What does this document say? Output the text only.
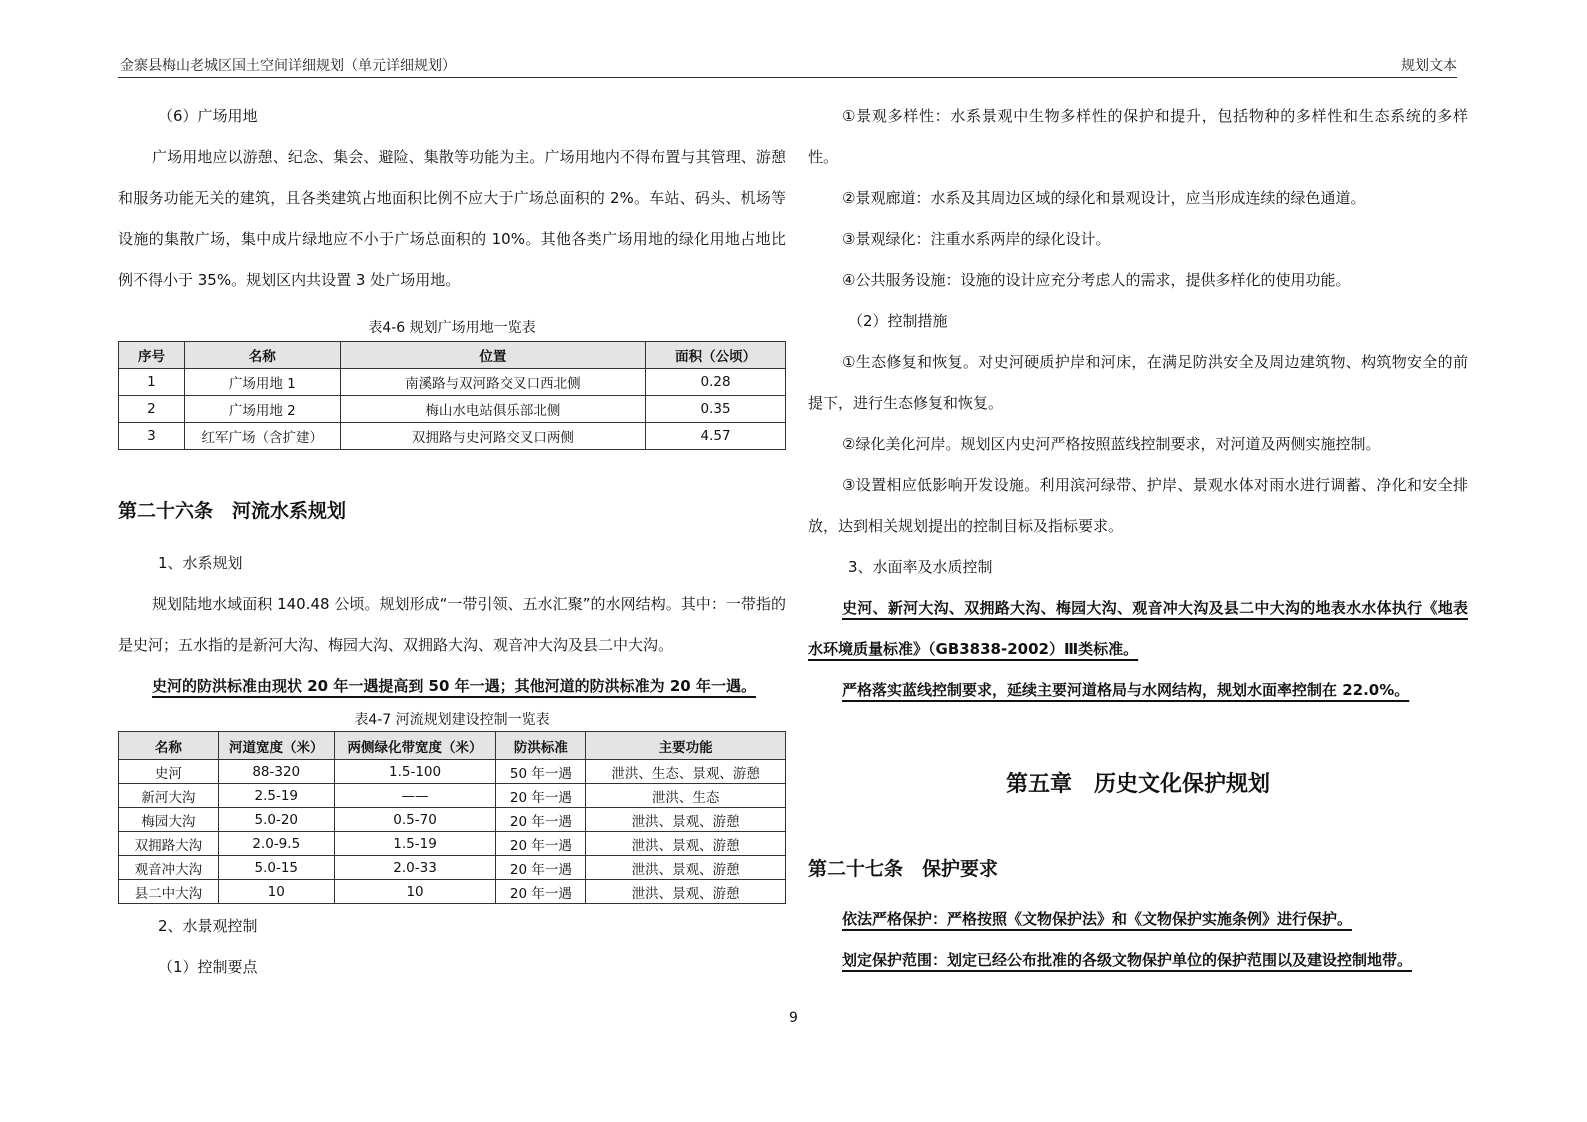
金寨县梅山老城区国土空间详细规划（单元详细规划）	规划文本

（6）广场用地

广场用地应以游憩、纪念、集会、避险、集散等功能为主。广场用地内不得布置与其管理、游憩和服务功能无关的建筑，且各类建筑占地面积比例不应大于广场总面积的 2%。车站、码头、机场等设施的集散广场，集中成片绿地应不小于广场总面积的 10%。其他各类广场用地的绿化用地占地比例不得小于 35%。规划区内共设置 3 处广场用地。

表4-6 规划广场用地一览表

序号	名称	位置	面积（公顷）
1	广场用地 1	南溪路与双河路交叉口西北侧	0.28
2	广场用地 2	梅山水电站俱乐部北侧	0.35
3	红军广场（含扩建）	双拥路与史河路交叉口两侧	4.57

第二十六条　河流水系规划

1、水系规划

规划陆地水域面积 140.48 公顷。规划形成“一带引领、五水汇聚”的水网结构。其中：一带指的是史河；五水指的是新河大沟、梅园大沟、双拥路大沟、观音冲大沟及县二中大沟。

史河的防洪标准由现状 20 年一遇提高到 50 年一遇；其他河道的防洪标准为 20 年一遇。

表4-7 河流规划建设控制一览表

名称	河道宽度（米）	两侧绿化带宽度（米）	防洪标准	主要功能
史河	88-320	1.5-100	50 年一遇	泄洪、生态、景观、游憩
新河大沟	2.5-19	——	20 年一遇	泄洪、生态
梅园大沟	5.0-20	0.5-70	20 年一遇	泄洪、景观、游憩
双拥路大沟	2.0-9.5	1.5-19	20 年一遇	泄洪、景观、游憩
观音冲大沟	5.0-15	2.0-33	20 年一遇	泄洪、景观、游憩
县二中大沟	10	10	20 年一遇	泄洪、景观、游憩

2、水景观控制

（1）控制要点

①景观多样性：水系景观中生物多样性的保护和提升，包括物种的多样性和生态系统的多样性。

②景观廊道：水系及其周边区域的绿化和景观设计，应当形成连续的绿色通道。

③景观绿化：注重水系两岸的绿化设计。

④公共服务设施：设施的设计应充分考虑人的需求，提供多样化的使用功能。

（2）控制措施

①生态修复和恢复。对史河硬质护岸和河床，在满足防洪安全及周边建筑物、构筑物安全的前提下，进行生态修复和恢复。

②绿化美化河岸。规划区内史河严格按照蓝线控制要求，对河道及两侧实施控制。

③设置相应低影响开发设施。利用滨河绿带、护岸、景观水体对雨水进行调蓄、净化和安全排放，达到相关规划提出的控制目标及指标要求。

3、水面率及水质控制

史河、新河大沟、双拥路大沟、梅园大沟、观音冲大沟及县二中大沟的地表水水体执行《地表水环境质量标准》（GB3838-2002）Ⅲ类标准。

严格落实蓝线控制要求，延续主要河道格局与水网结构，规划水面率控制在 22.0%。

第五章　历史文化保护规划

第二十七条　保护要求

依法严格保护：严格按照《文物保护法》和《文物保护实施条例》进行保护。

划定保护范围：划定已经公布批准的各级文物保护单位的保护范围以及建设控制地带。

9
